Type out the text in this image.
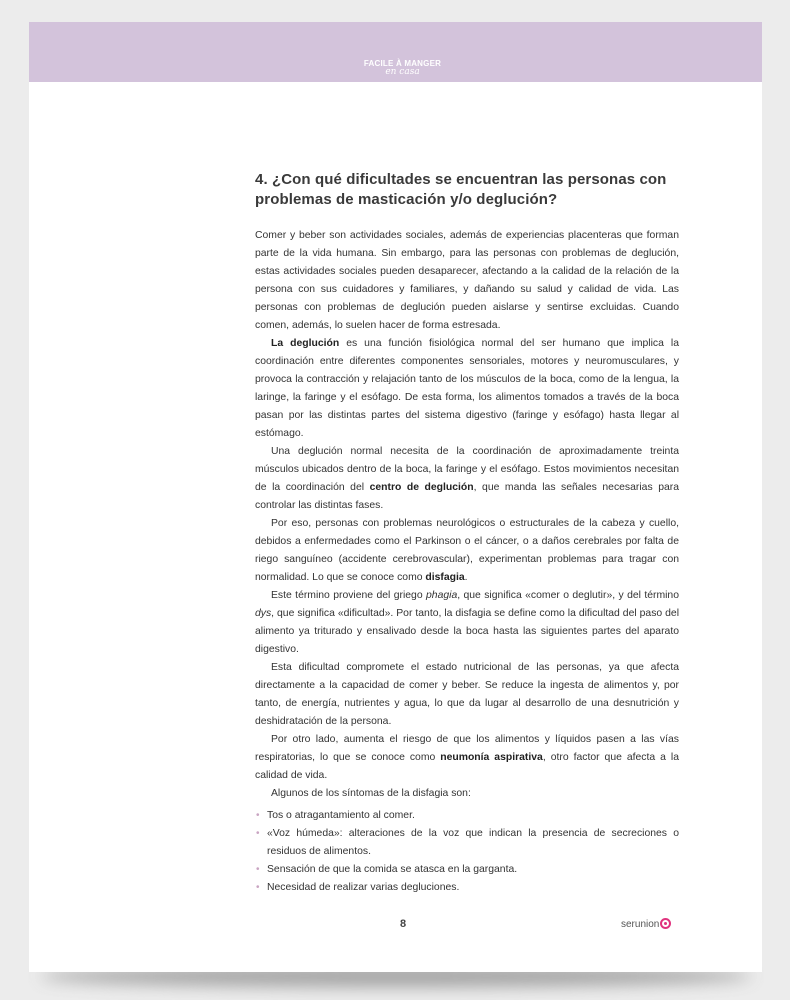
FACILE À MANGER
en casa
4. ¿Con qué dificultades se encuentran las personas con problemas de masticación y/o deglución?

Comer y beber son actividades sociales, además de experiencias placenteras que forman parte de la vida humana. Sin embargo, para las personas con problemas de deglución, estas actividades sociales pueden desaparecer, afectando a la calidad de la relación de la persona con sus cuidadores y familiares, y dañando su salud y calidad de vida. Las personas con problemas de deglución pueden aislarse y sentirse excluidas. Cuando comen, además, lo suelen hacer de forma estresada.

La deglución es una función fisiológica normal del ser humano que implica la coordinación entre diferentes componentes sensoriales, motores y neuromusculares, y provoca la contracción y relajación tanto de los músculos de la boca, como de la lengua, la laringe, la faringe y el esófago. De esta forma, los alimentos tomados a través de la boca pasan por las distintas partes del sistema digestivo (faringe y esófago) hasta llegar al estómago.

Una deglución normal necesita de la coordinación de aproximadamente treinta músculos ubicados dentro de la boca, la faringe y el esófago. Estos movimientos necesitan de la coordinación del centro de deglución, que manda las señales necesarias para controlar las distintas fases.

Por eso, personas con problemas neurológicos o estructurales de la cabeza y cuello, debidos a enfermedades como el Parkinson o el cáncer, o a daños cerebrales por falta de riego sanguíneo (accidente cerebrovascular), experimentan problemas para tragar con normalidad. Lo que se conoce como disfagia.

Este término proviene del griego phagia, que significa «comer o deglutir», y del término dys, que significa «dificultad». Por tanto, la disfagia se define como la dificultad del paso del alimento ya triturado y ensalivado desde la boca hasta las siguientes partes del aparato digestivo.

Esta dificultad compromete el estado nutricional de las personas, ya que afecta directamente a la capacidad de comer y beber. Se reduce la ingesta de alimentos y, por tanto, de energía, nutrientes y agua, lo que da lugar al desarrollo de una desnutrición y deshidratación de la persona.

Por otro lado, aumenta el riesgo de que los alimentos y líquidos pasen a las vías respiratorias, lo que se conoce como neumonía aspirativa, otro factor que afecta a la calidad de vida.

Algunos de los síntomas de la disfagia son:

• Tos o atragantamiento al comer.
• «Voz húmeda»: alteraciones de la voz que indican la presencia de secreciones o residuos de alimentos.
• Sensación de que la comida se atasca en la garganta.
• Necesidad de realizar varias degluciones.
8	serunion
